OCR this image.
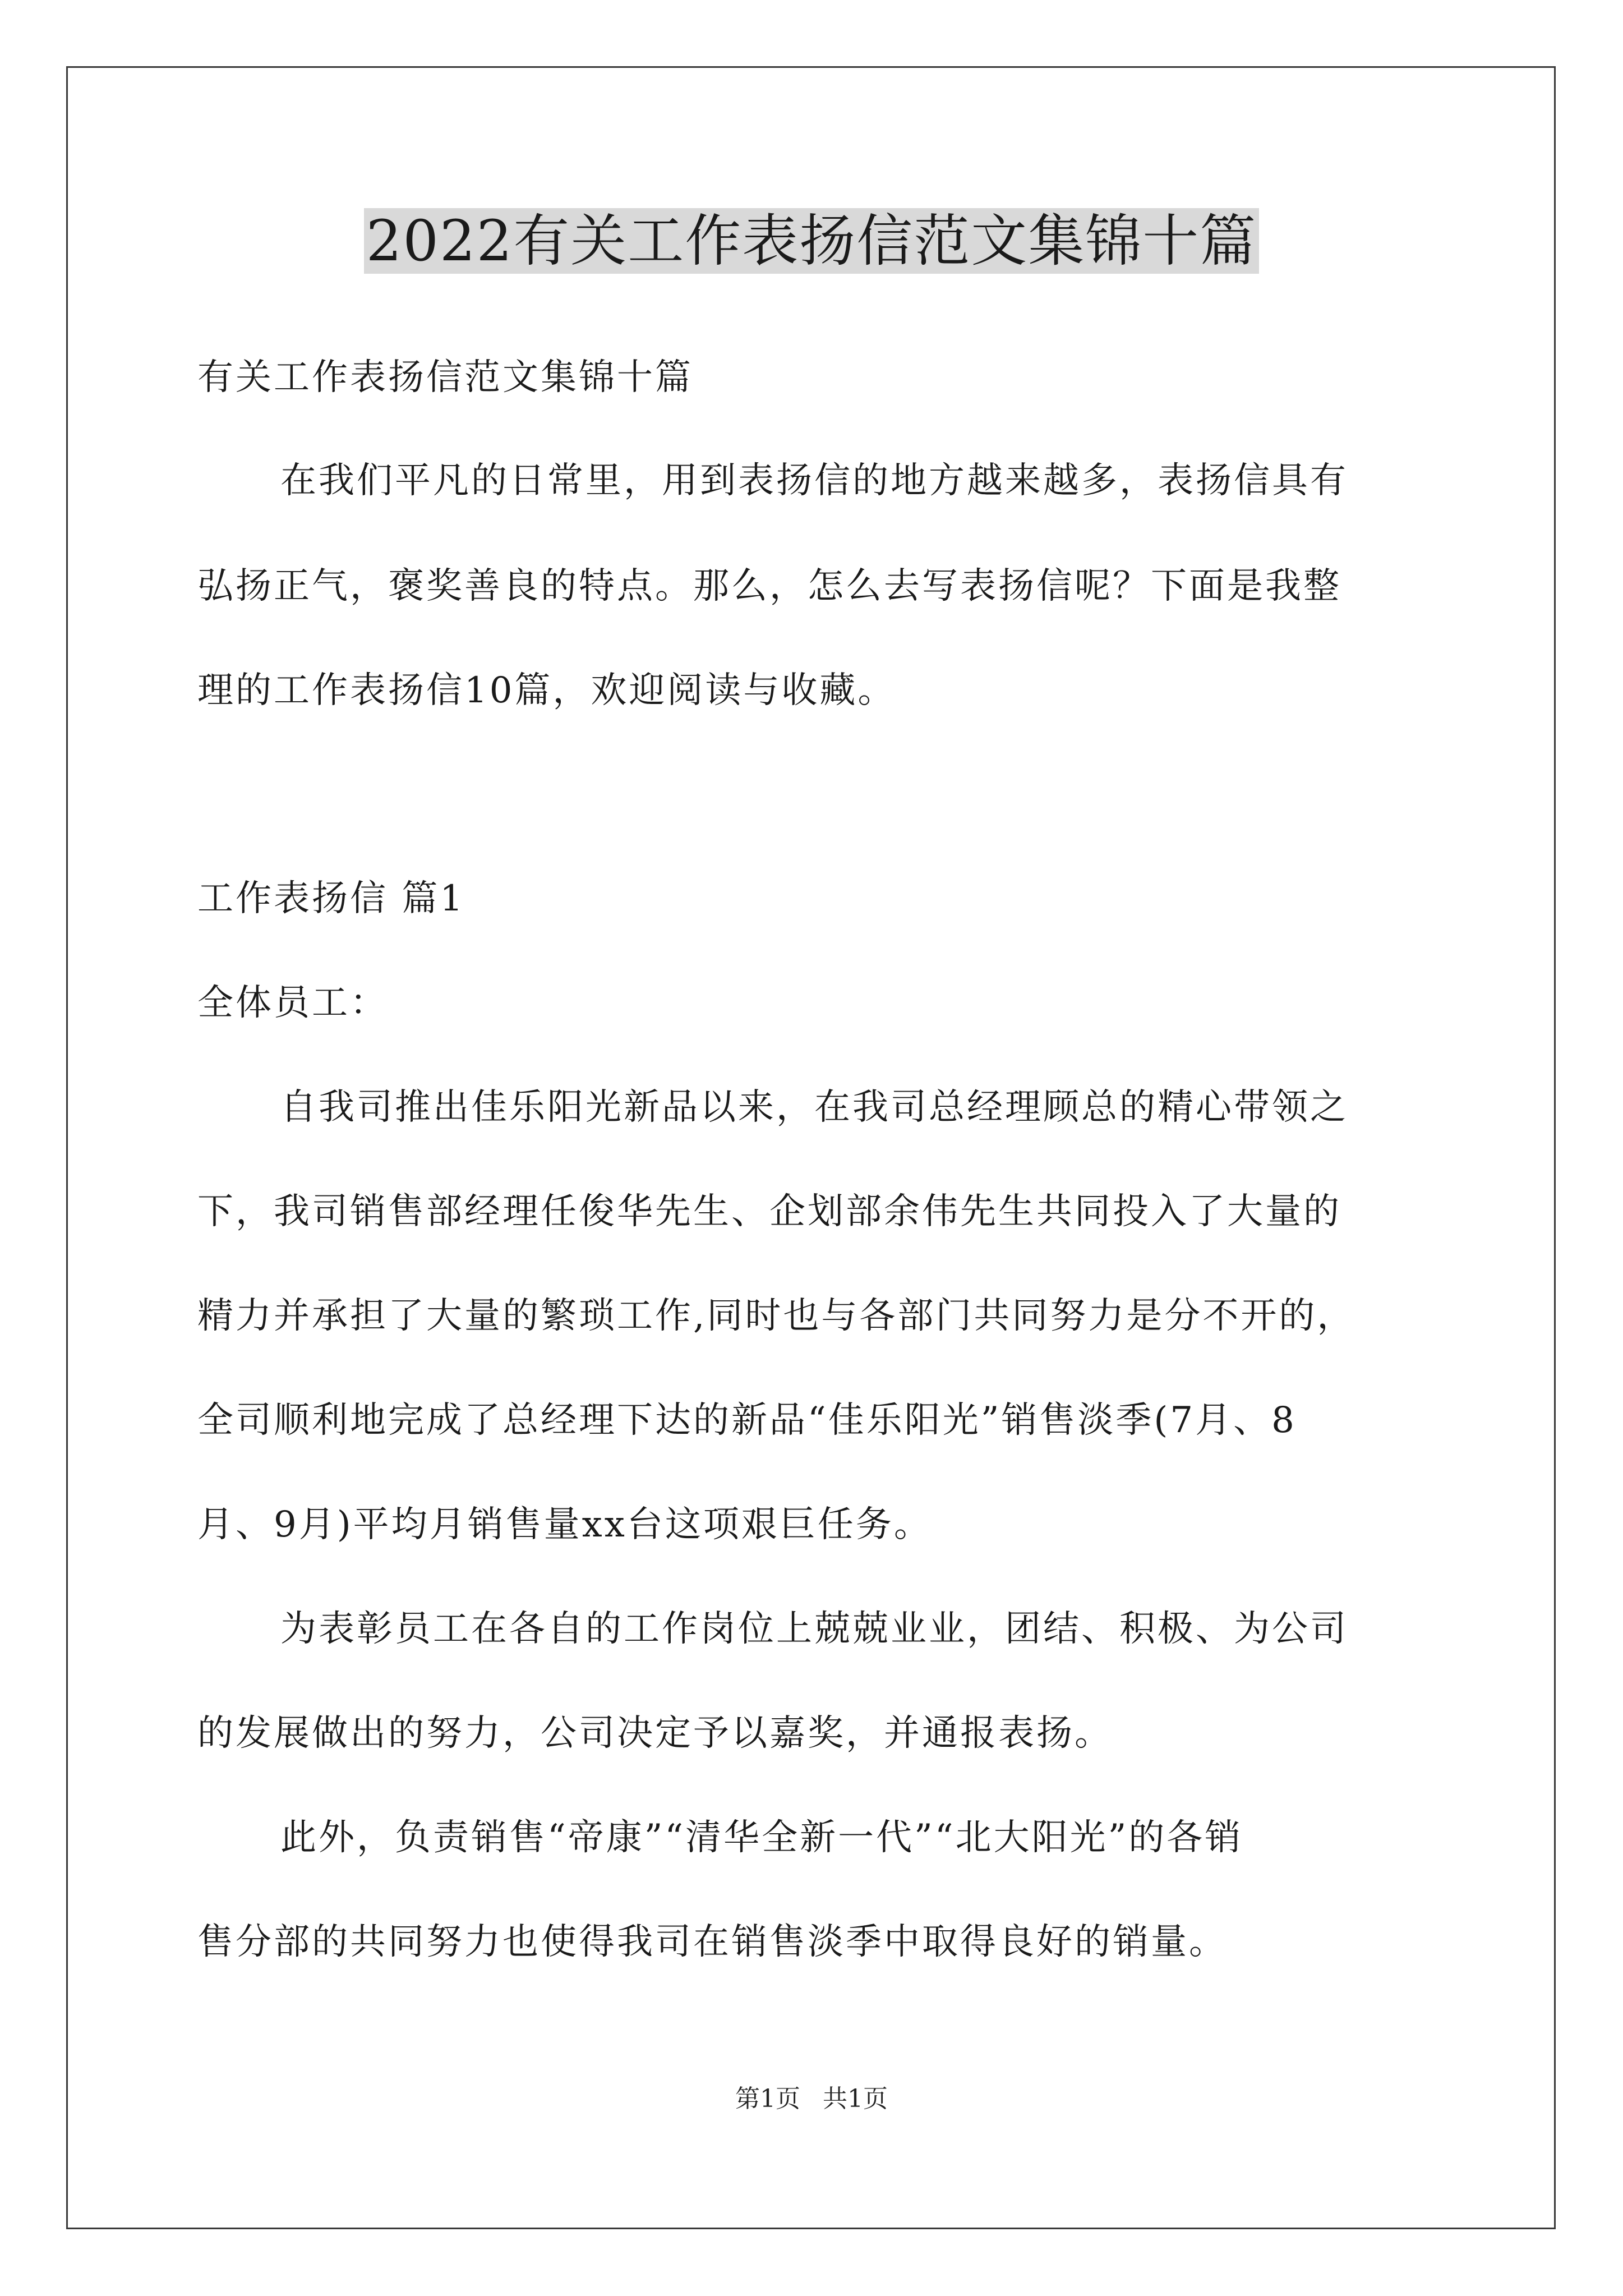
2022有关工作表扬信范文集锦十篇
有关工作表扬信范文集锦十篇
在我们平凡的日常里，用到表扬信的地方越来越多，表扬信具有
弘扬正气，褒奖善良的特点。那么，怎么去写表扬信呢？下面是我整
理的工作表扬信10篇，欢迎阅读与收藏。
工作表扬信 篇1
全体员工：
自我司推出佳乐阳光新品以来，在我司总经理顾总的精心带领之
下，我司销售部经理任俊华先生、企划部余伟先生共同投入了大量的
精力并承担了大量的繁琐工作,同时也与各部门共同努力是分不开的，
全司顺利地完成了总经理下达的新品“佳乐阳光”销售淡季(7月、8
月、9月)平均月销售量xx台这项艰巨任务。
为表彰员工在各自的工作岗位上兢兢业业，团结、积极、为公司
的发展做出的努力，公司决定予以嘉奖，并通报表扬。
此外，负责销售“帝康”“清华全新一代”“北大阳光”的各销
售分部的共同努力也使得我司在销售淡季中取得良好的销量。
第1页 共1页
